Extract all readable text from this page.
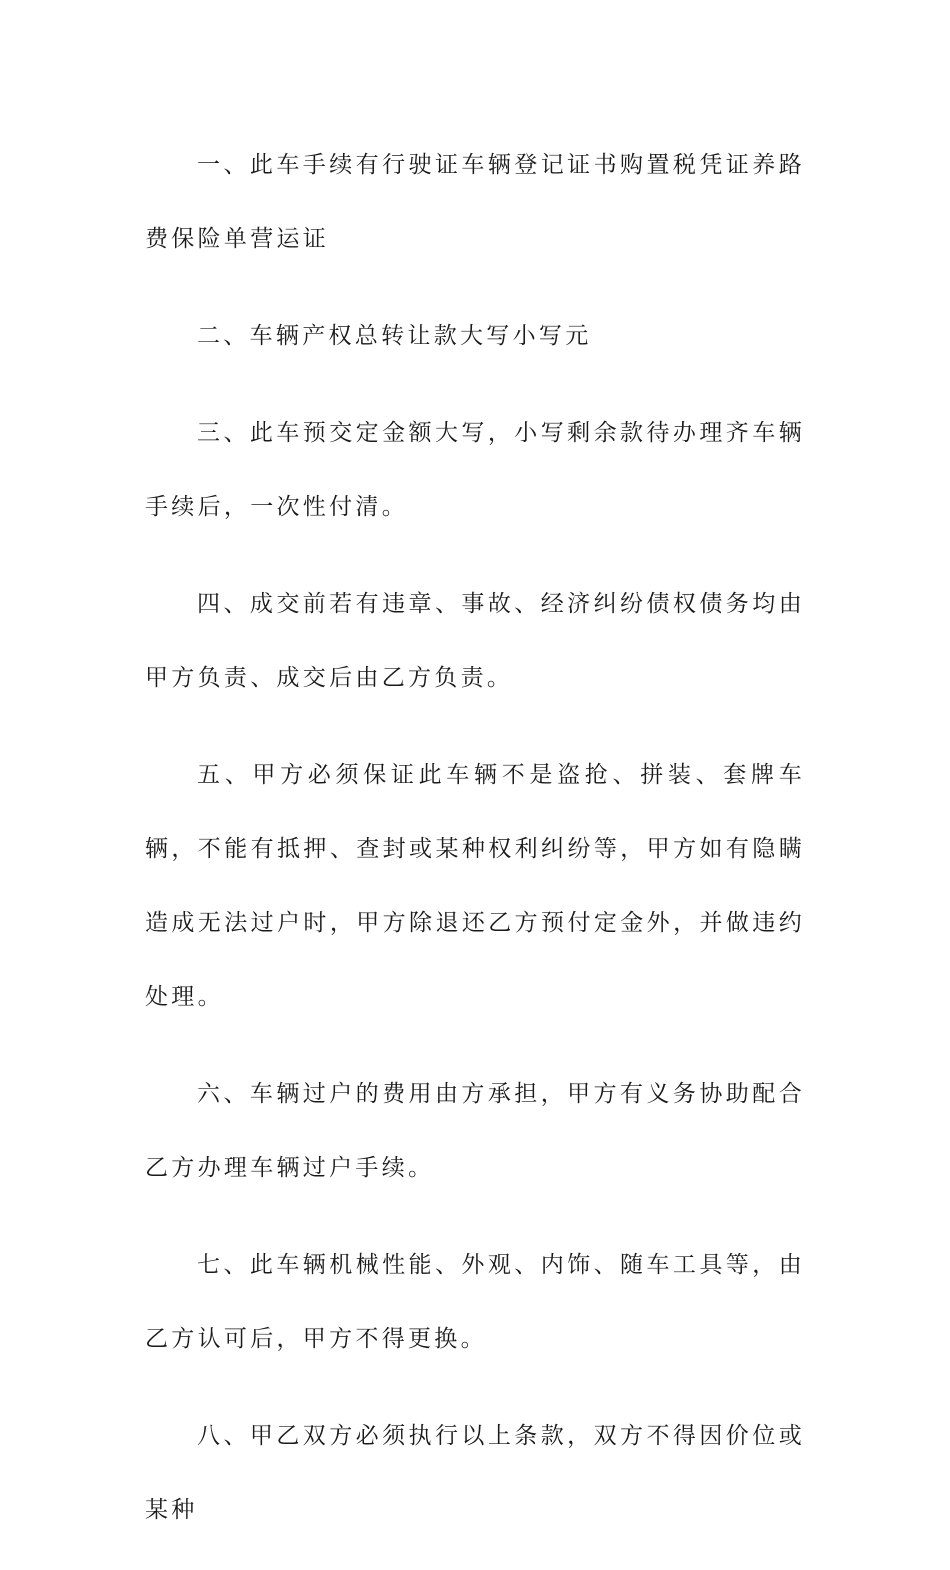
一、此车手续有行驶证车辆登记证书购置税凭证养路费保险单营运证

二、车辆产权总转让款大写小写元

三、此车预交定金额大写，小写剩余款待办理齐车辆手续后，一次性付清。

四、成交前若有违章、事故、经济纠纷债权债务均由甲方负责、成交后由乙方负责。

五、甲方必须保证此车辆不是盗抢、拼装、套牌车辆，不能有抵押、查封或某种权利纠纷等，甲方如有隐瞒造成无法过户时，甲方除退还乙方预付定金外，并做违约处理。

六、车辆过户的费用由方承担，甲方有义务协助配合乙方办理车辆过户手续。

七、此车辆机械性能、外观、内饰、随车工具等，由乙方认可后，甲方不得更换。

八、甲乙双方必须执行以上条款，双方不得因价位或某种
